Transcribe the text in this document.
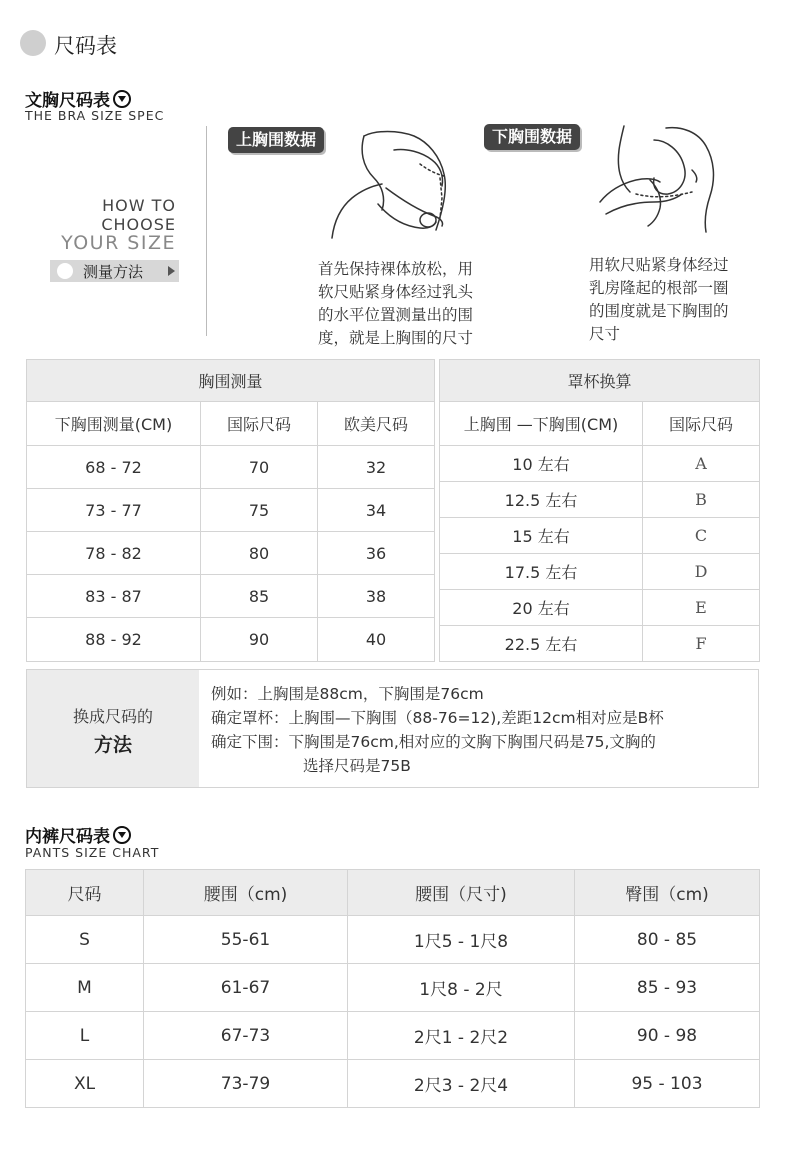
尺码表
文胸尺码表
THE BRA SIZE SPEC
HOW TO
CHOOSE
YOUR SIZE
测量方法
上胸围数据
首先保持裸体放松，用
软尺贴紧身体经过乳头
的水平位置测量出的围
度，就是上胸围的尺寸
下胸围数据
用软尺贴紧身体经过
乳房隆起的根部一圈
的围度就是下胸围的
尺寸
胸围测量		
下胸围测量(CM)	国际尺码	欧美尺码
68 - 72	70	32
73 - 77	75	34
78 - 82	80	36
83 - 87	85	38
88 - 92	90	40
罩杯换算	
上胸围 —下胸围(CM)	国际尺码
10 左右	A
12.5 左右	B
15 左右	C
17.5 左右	D
20 左右	E
22.5 左右	F
换成尺码的
方法
例如：上胸围是88cm，下胸围是76cm
确定罩杯：上胸围—下胸围（88-76=12),差距12cm相对应是B杯
确定下围：下胸围是76cm,相对应的文胸下胸围尺码是75,文胸的
选择尺码是75B
内裤尺码表
PANTS SIZE CHART
尺码	腰围（cm)	腰围（尺寸)	臀围（cm)
S	55-61	1尺5 - 1尺8	80 - 85
M	61-67	1尺8 - 2尺	85 - 93
L	67-73	2尺1 - 2尺2	90 - 98
XL	73-79	2尺3 - 2尺4	95 - 103
